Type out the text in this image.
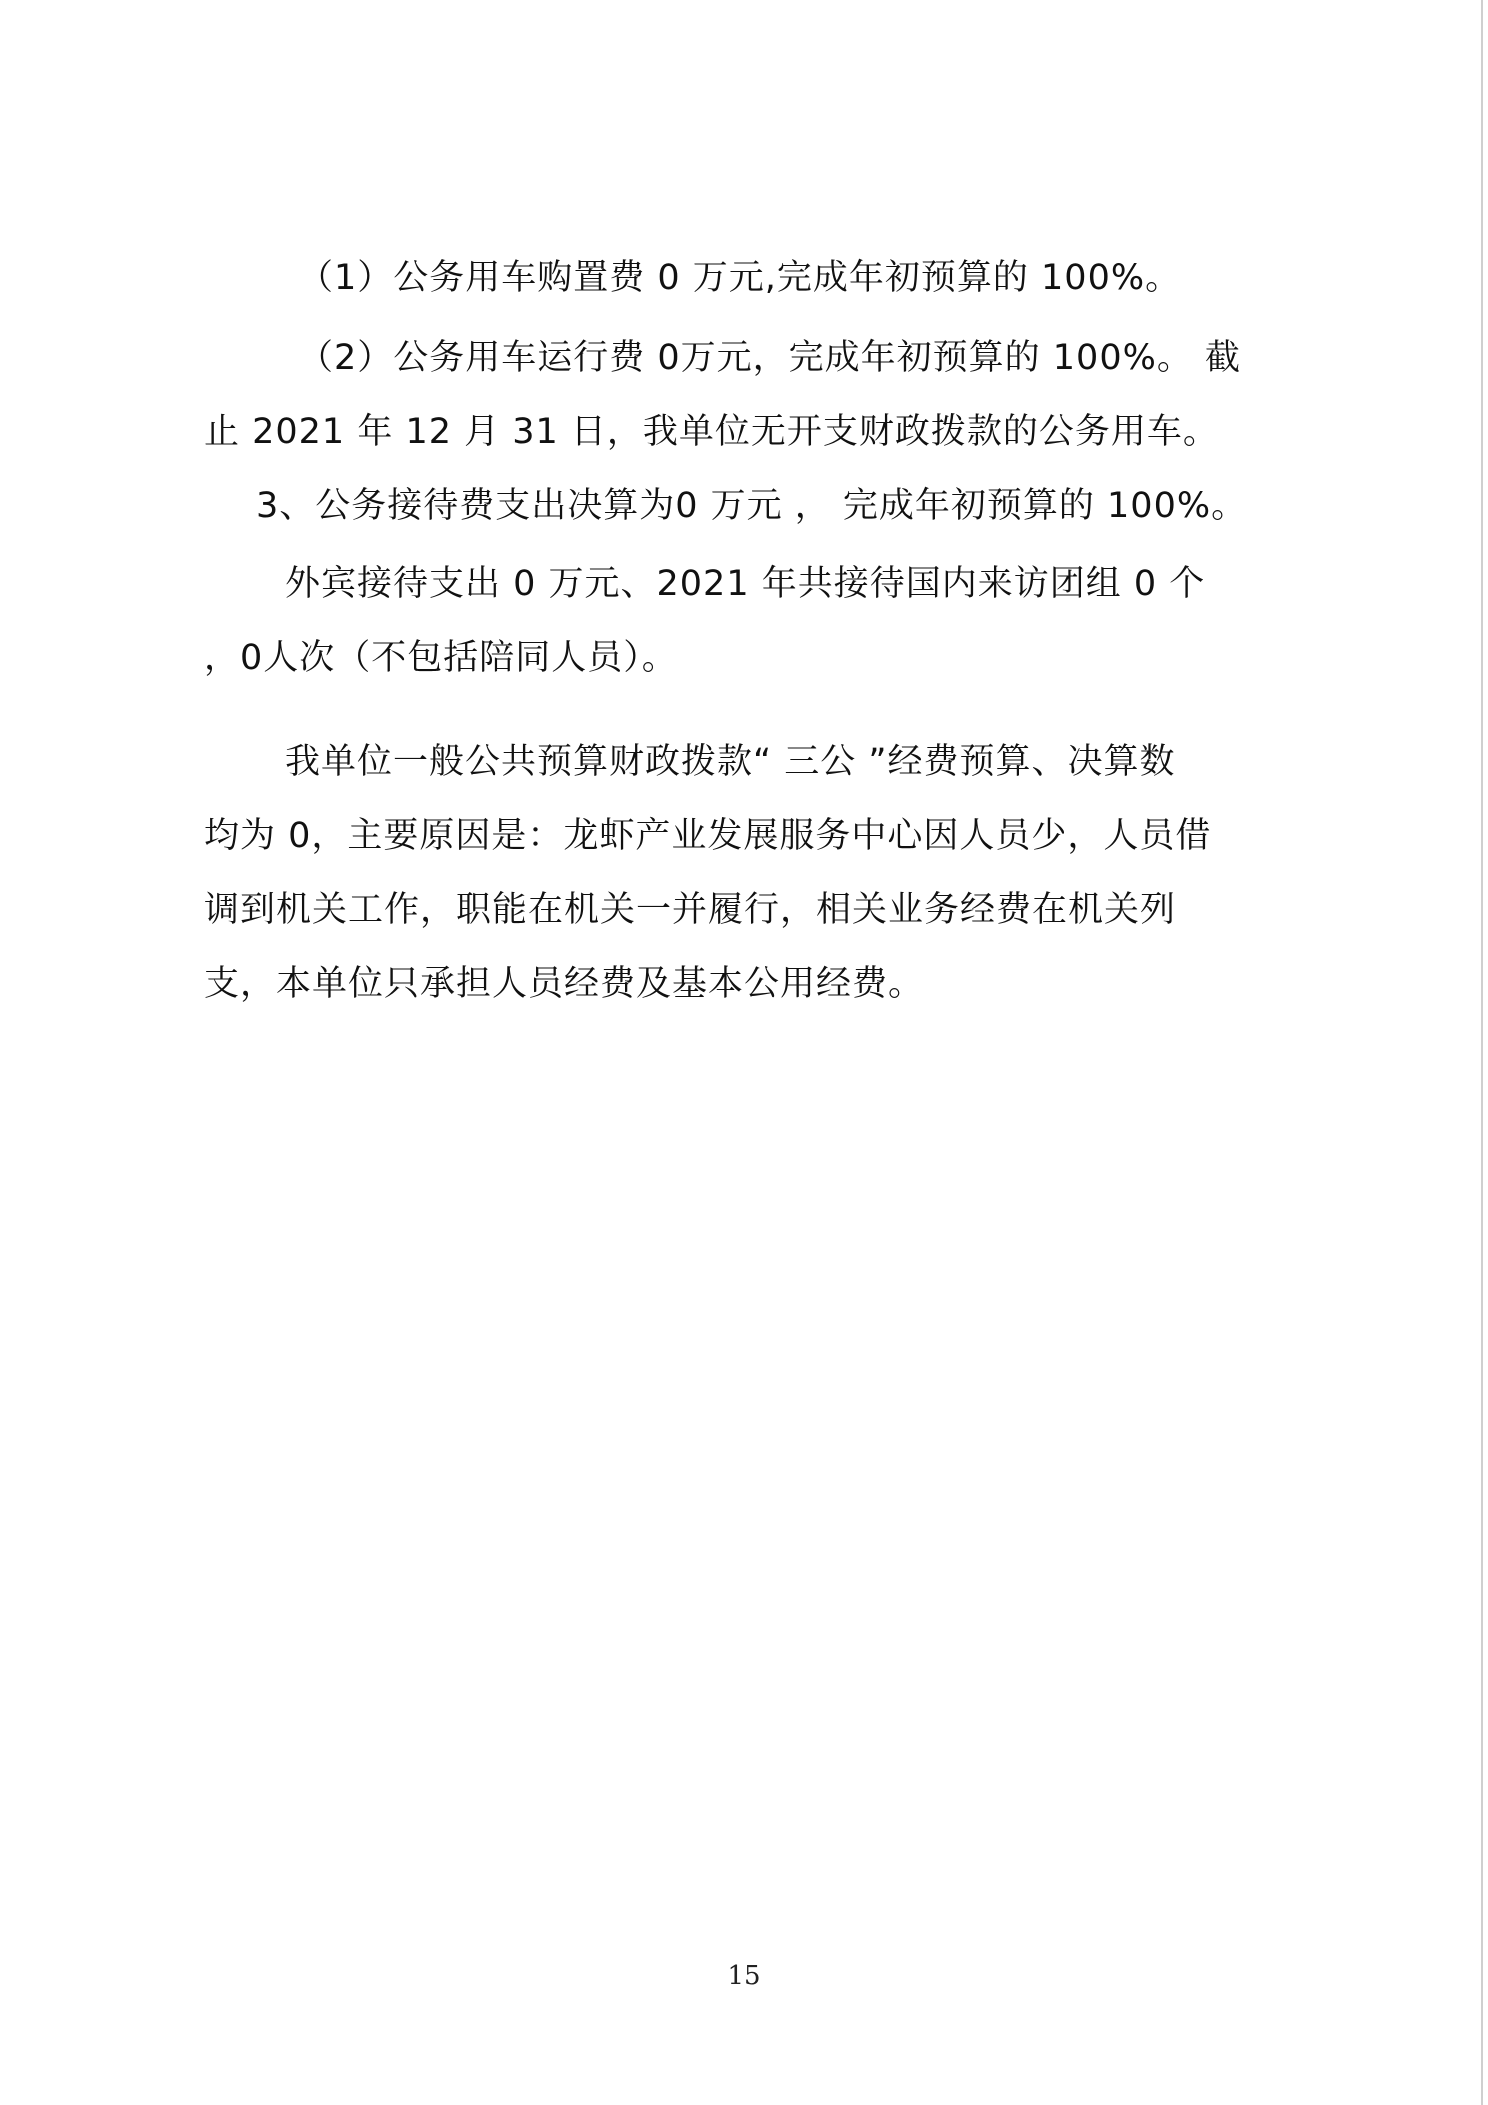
（1）公务用车购置费 0 万元,完成年初预算的 100%。
（2）公务用车运行费 0万元，完成年初预算的 100%。 截
止 2021 年 12 月 31 日，我单位无开支财政拨款的公务用车。
3、公务接待费支出决算为0 万元 ， 完成年初预算的 100%。
外宾接待支出 0 万元、2021 年共接待国内来访团组 0 个
，0人次（不包括陪同人员）。
我单位一般公共预算财政拨款“ 三公 ”经费预算、决算数
均为 0，主要原因是：龙虾产业发展服务中心因人员少，人员借
调到机关工作，职能在机关一并履行，相关业务经费在机关列
支，本单位只承担人员经费及基本公用经费。
15
